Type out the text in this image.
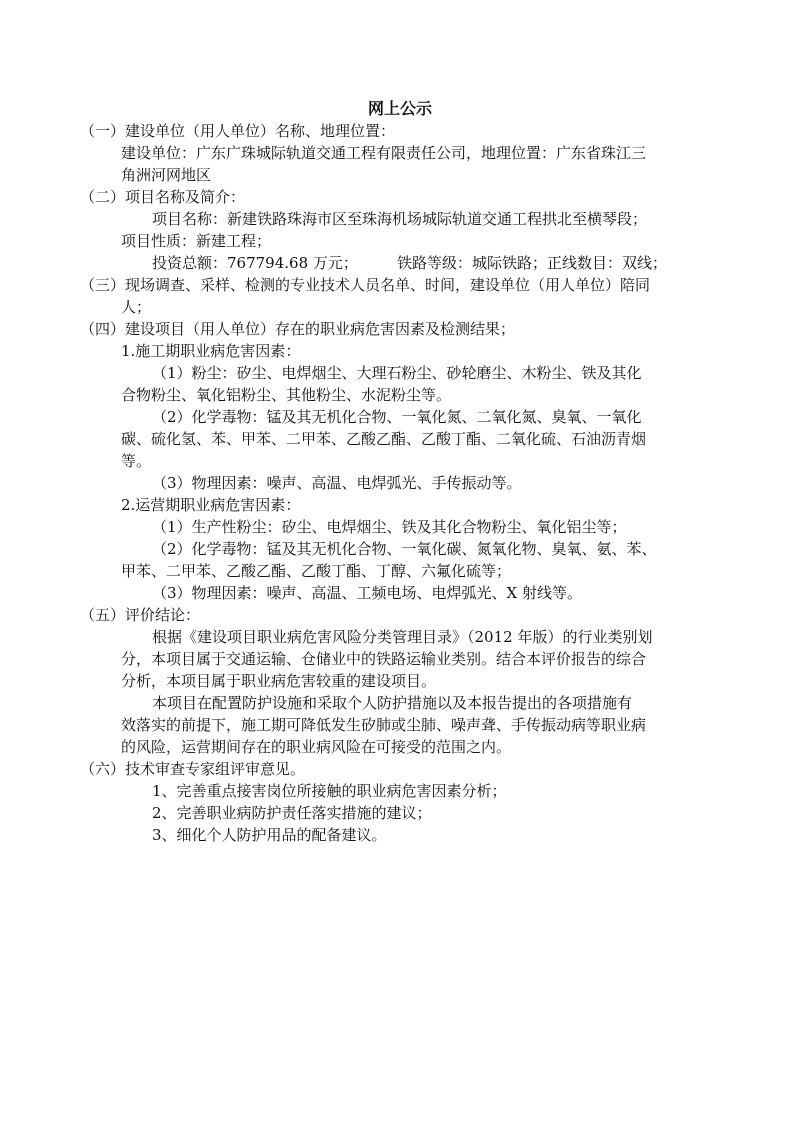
网上公示
（一）建设单位（用人单位）名称、地理位置：
建设单位：广东广珠城际轨道交通工程有限责任公司，地理位置：广东省珠江三
角洲河网地区
（二）项目名称及简介：
项目名称：新建铁路珠海市区至珠海机场城际轨道交通工程拱北至横琴段；
项目性质：新建工程；
投资总额：767794.68 万元；	铁路等级：城际铁路；正线数目：双线；
（三）现场调查、采样、检测的专业技术人员名单、时间，建设单位（用人单位）陪同
人；
（四）建设项目（用人单位）存在的职业病危害因素及检测结果；
1.施工期职业病危害因素：
（1）粉尘：矽尘、电焊烟尘、大理石粉尘、砂轮磨尘、木粉尘、铁及其化
合物粉尘、氧化铝粉尘、其他粉尘、水泥粉尘等。
（2）化学毒物：锰及其无机化合物、一氧化氮、二氧化氮、臭氧、一氧化
碳、硫化氢、苯、甲苯、二甲苯、乙酸乙酯、乙酸丁酯、二氧化硫、石油沥青烟
等。
（3）物理因素：噪声、高温、电焊弧光、手传振动等。
2.运营期职业病危害因素：
（1）生产性粉尘：矽尘、电焊烟尘、铁及其化合物粉尘、氧化铝尘等；
（2）化学毒物：锰及其无机化合物、一氧化碳、氮氧化物、臭氧、氨、苯、
甲苯、二甲苯、乙酸乙酯、乙酸丁酯、丁醇、六氟化硫等；
（3）物理因素：噪声、高温、工频电场、电焊弧光、X 射线等。
（五）评价结论：
根据《建设项目职业病危害风险分类管理目录》（2012 年版）的行业类别划
分，本项目属于交通运输、仓储业中的铁路运输业类别。结合本评价报告的综合
分析，本项目属于职业病危害较重的建设项目。
本项目在配置防护设施和采取个人防护措施以及本报告提出的各项措施有
效落实的前提下，施工期可降低发生矽肺或尘肺、噪声聋、手传振动病等职业病
的风险，运营期间存在的职业病风险在可接受的范围之内。
（六）技术审查专家组评审意见。
1、完善重点接害岗位所接触的职业病危害因素分析；
2、完善职业病防护责任落实措施的建议；
3、细化个人防护用品的配备建议。
